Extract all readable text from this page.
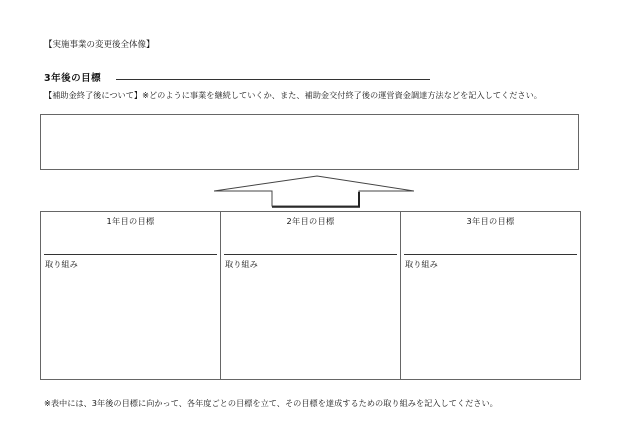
【実施事業の変更後全体像】
3年後の目標
【補助金終了後について】※どのように事業を継続していくか、また、補助金交付終了後の運営資金調達方法などを記入してください。
1年目の目標
取り組み
2年目の目標
取り組み
3年目の目標
取り組み
※表中には、3年後の目標に向かって、各年度ごとの目標を立て、その目標を達成するための取り組みを記入してください。
